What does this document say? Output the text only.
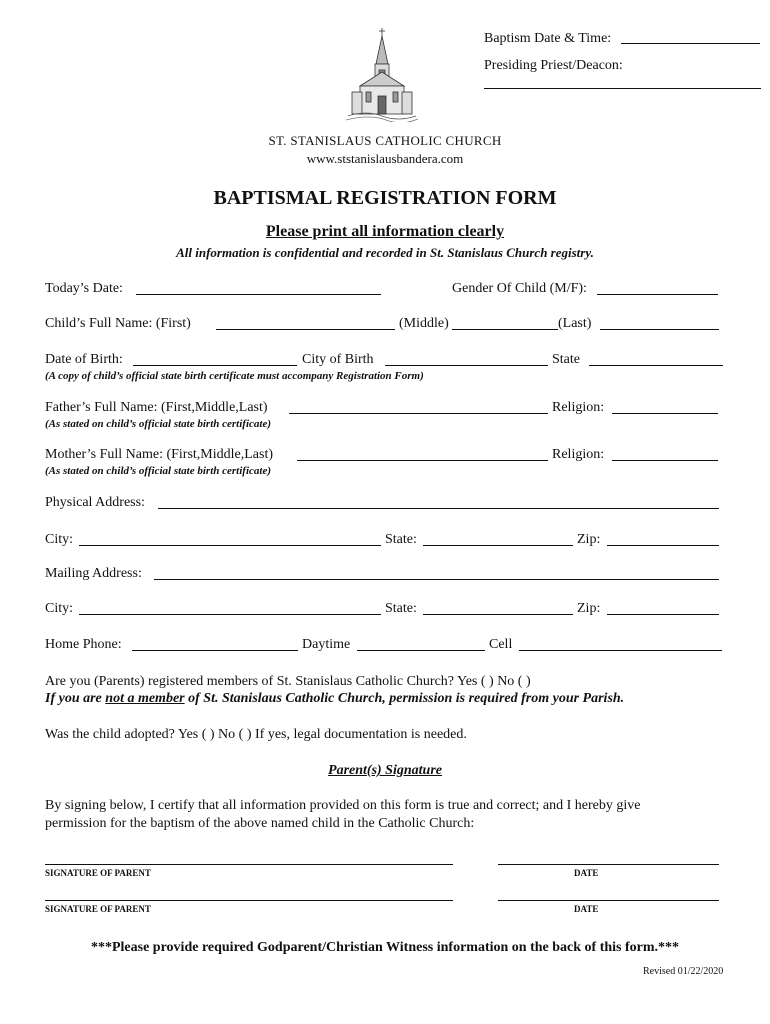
Baptism Date & Time:
Presiding Priest/Deacon:
ST. STANISLAUS CATHOLIC CHURCH
www.ststanislausbandera.com
BAPTISMAL REGISTRATION FORM
Please print all information clearly
All information is confidential and recorded in St. Stanislaus Church registry.
Today’s Date:	Gender Of Child (M/F):
Child’s Full Name: (First)	(Middle)	(Last)
Date of Birth:	City of Birth	State
(A copy of child’s official state birth certificate must accompany Registration Form)
Father’s Full Name: (First,Middle,Last)	Religion:
(As stated on child’s official state birth certificate)
Mother’s Full Name: (First,Middle,Last)	Religion:
(As stated on child’s official state birth certificate)
Physical Address:
City:	State:	Zip:
Mailing Address:
City:	State:	Zip:
Home Phone:	Daytime	Cell
Are you (Parents) registered members of St. Stanislaus Catholic Church? Yes ( ) No ( )
If you are not a member of St. Stanislaus Catholic Church, permission is required from your Parish.
Was the child adopted? Yes ( ) No ( ) If yes, legal documentation is needed.
Parent(s) Signature
By signing below, I certify that all information provided on this form is true and correct; and I hereby give
permission for the baptism of the above named child in the Catholic Church:
SIGNATURE OF PARENT	DATE
SIGNATURE OF PARENT	DATE
***Please provide required Godparent/Christian Witness information on the back of this form.***
Revised 01/22/2020
